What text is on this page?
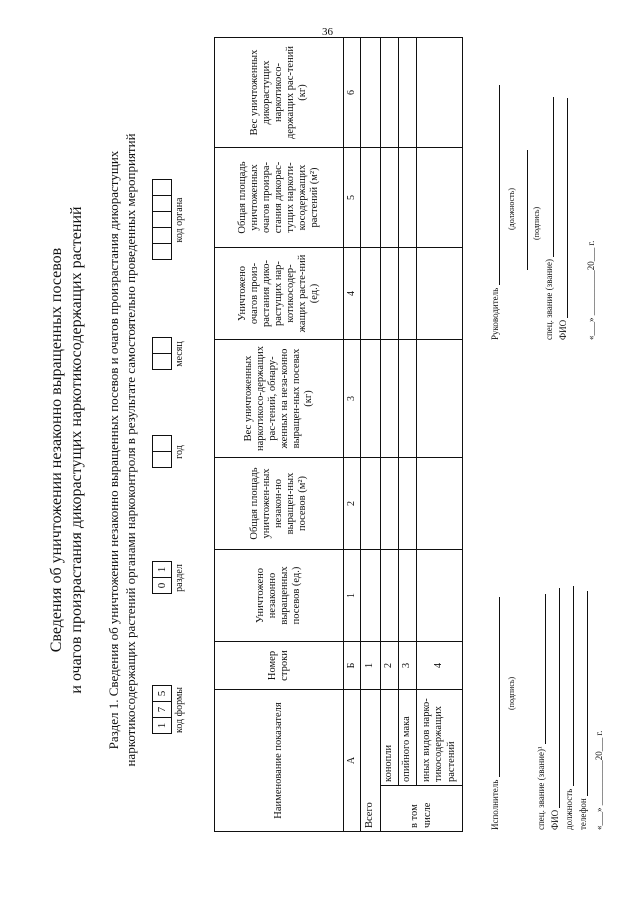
36
Сведения об уничтожении незаконно выращенных посевов и очагов произрастания дикорастущих наркотикосодержащих растений Раздел 1. Сведения об уничтожении незаконно выращенных посевов и очагов произрастания дикорастущих наркотикосодержащих растений органами наркоконтроля в результате самостоятельно проведенных мероприятий	1
7
5 код формы
0
1 раздел
год
месяц
код органа
Наименование показателя		Номер строки	Уничтожено незаконно выращенных посевов (ед.)	Общая площадь уничтожен-ных незакон-но выращен-ных посевов (м²)	Вес уничтоженных наркотикосо-держащих рас-тений, обнару-женных на неза-конно выращен-ных посевах (кг)	Уничтожено очагов произ-растания дико-растущих нар-котикосодер-жащих расте-ний (ед.)	Общая площадь уничтоженных очагов произра-стания дикорас-тущих наркоти-косодержащих растений (м²)	Вес уничтоженных дикорастущих наркотикосо-держащих рас-тений (кг)
А		Б	1	2	3	4	5	6
Всего		1						
в том числе	конопли	2						
	опийного мака	3						
	иных видов нарко-тикосодержащих растений	4						
Исполнитель
(подпись)
спец. звание (звание)¹ ФИО должность телефон «___» __________20___ г.
Руководитель
(должность) (подпись)
спец. звание (звание) ФИО «___» __________20___ г.
